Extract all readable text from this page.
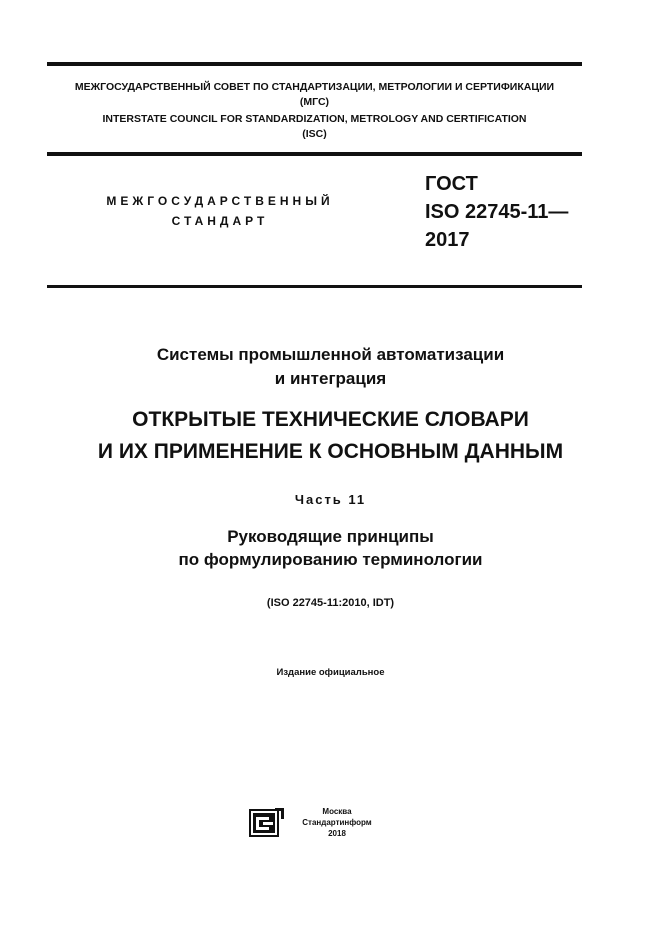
МЕЖГОСУДАРСТВЕННЫЙ СОВЕТ ПО СТАНДАРТИЗАЦИИ, МЕТРОЛОГИИ И СЕРТИФИКАЦИИ
(МГС)
INTERSTATE COUNCIL FOR STANDARDIZATION, METROLOGY AND CERTIFICATION
(ISC)
МЕЖГОСУДАРСТВЕННЫЙ
СТАНДАРТ
ГОСТ
ISO 22745-11—
2017
Системы промышленной автоматизации
и интеграция
ОТКРЫТЫЕ ТЕХНИЧЕСКИЕ СЛОВАРИ
И ИХ ПРИМЕНЕНИЕ К ОСНОВНЫМ ДАННЫМ
Часть 11
Руководящие принципы
по формулированию терминологии
(ISO 22745-11:2010, IDT)
Издание официальное
Москва
Стандартинформ
2018
